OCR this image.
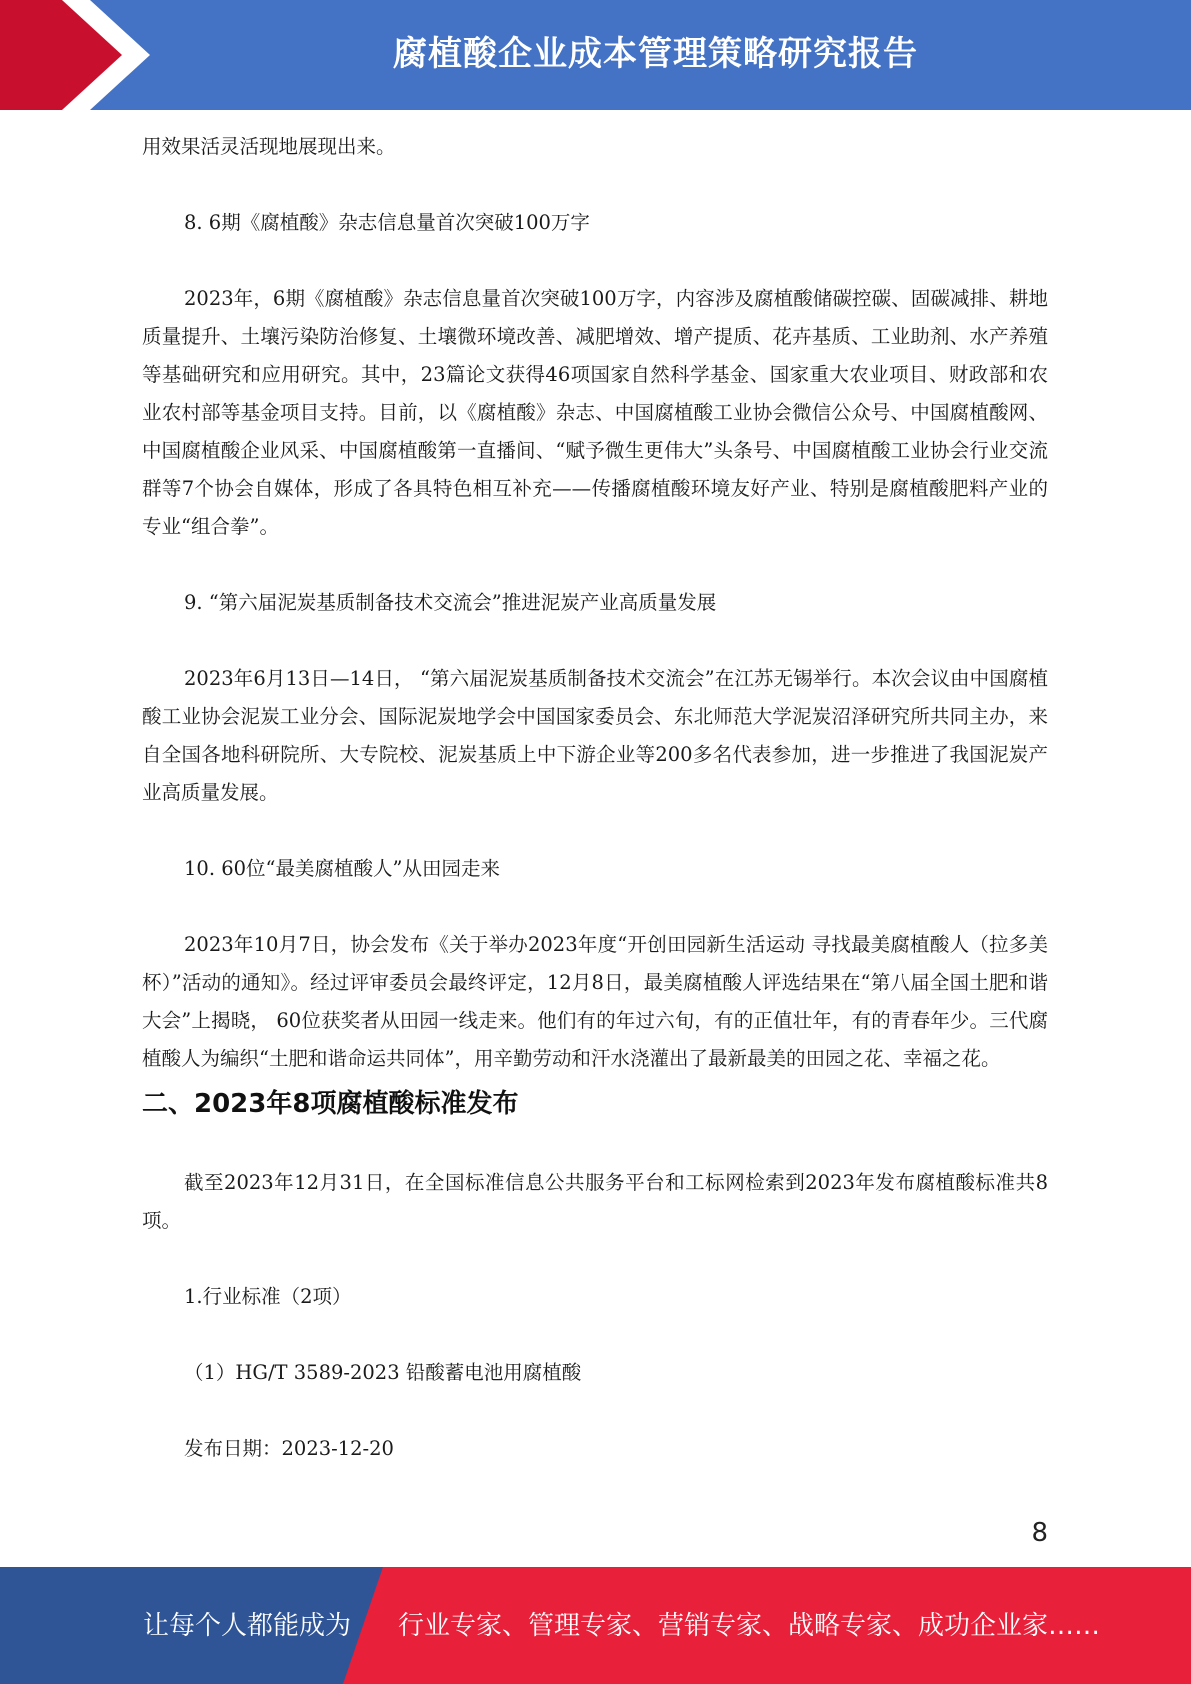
腐植酸企业成本管理策略研究报告

用效果活灵活现地展现出来。

8. 6期《腐植酸》杂志信息量首次突破100万字

2023年，6期《腐植酸》杂志信息量首次突破100万字，内容涉及腐植酸储碳控碳、固碳减排、耕地质量提升、土壤污染防治修复、土壤微环境改善、减肥增效、增产提质、花卉基质、工业助剂、水产养殖等基础研究和应用研究。其中，23篇论文获得46项国家自然科学基金、国家重大农业项目、财政部和农业农村部等基金项目支持。目前，以《腐植酸》杂志、中国腐植酸工业协会微信公众号、中国腐植酸网、中国腐植酸企业风采、中国腐植酸第一直播间、“赋予微生更伟大”头条号、中国腐植酸工业协会行业交流群等7个协会自媒体，形成了各具特色相互补充——传播腐植酸环境友好产业、特别是腐植酸肥料产业的专业“组合拳”。

9. “第六届泥炭基质制备技术交流会”推进泥炭产业高质量发展

2023年6月13日—14日， “第六届泥炭基质制备技术交流会”在江苏无锡举行。本次会议由中国腐植酸工业协会泥炭工业分会、国际泥炭地学会中国国家委员会、东北师范大学泥炭沼泽研究所共同主办，来自全国各地科研院所、大专院校、泥炭基质上中下游企业等200多名代表参加，进一步推进了我国泥炭产业高质量发展。

10. 60位“最美腐植酸人”从田园走来

2023年10月7日，协会发布《关于举办2023年度“开创田园新生活运动 寻找最美腐植酸人（拉多美杯）”活动的通知》。经过评审委员会最终评定，12月8日，最美腐植酸人评选结果在“第八届全国土肥和谐大会”上揭晓， 60位获奖者从田园一线走来。他们有的年过六旬，有的正值壮年，有的青春年少。三代腐植酸人为编织“土肥和谐命运共同体”，用辛勤劳动和汗水浇灌出了最新最美的田园之花、幸福之花。

二、2023年8项腐植酸标准发布

截至2023年12月31日，在全国标准信息公共服务平台和工标网检索到2023年发布腐植酸标准共8项。

1.行业标准（2项）

（1）HG/T 3589-2023 铅酸蓄电池用腐植酸

发布日期：2023-12-20

8
让每个人都能成为 行业专家、管理专家、营销专家、战略专家、成功企业家……
